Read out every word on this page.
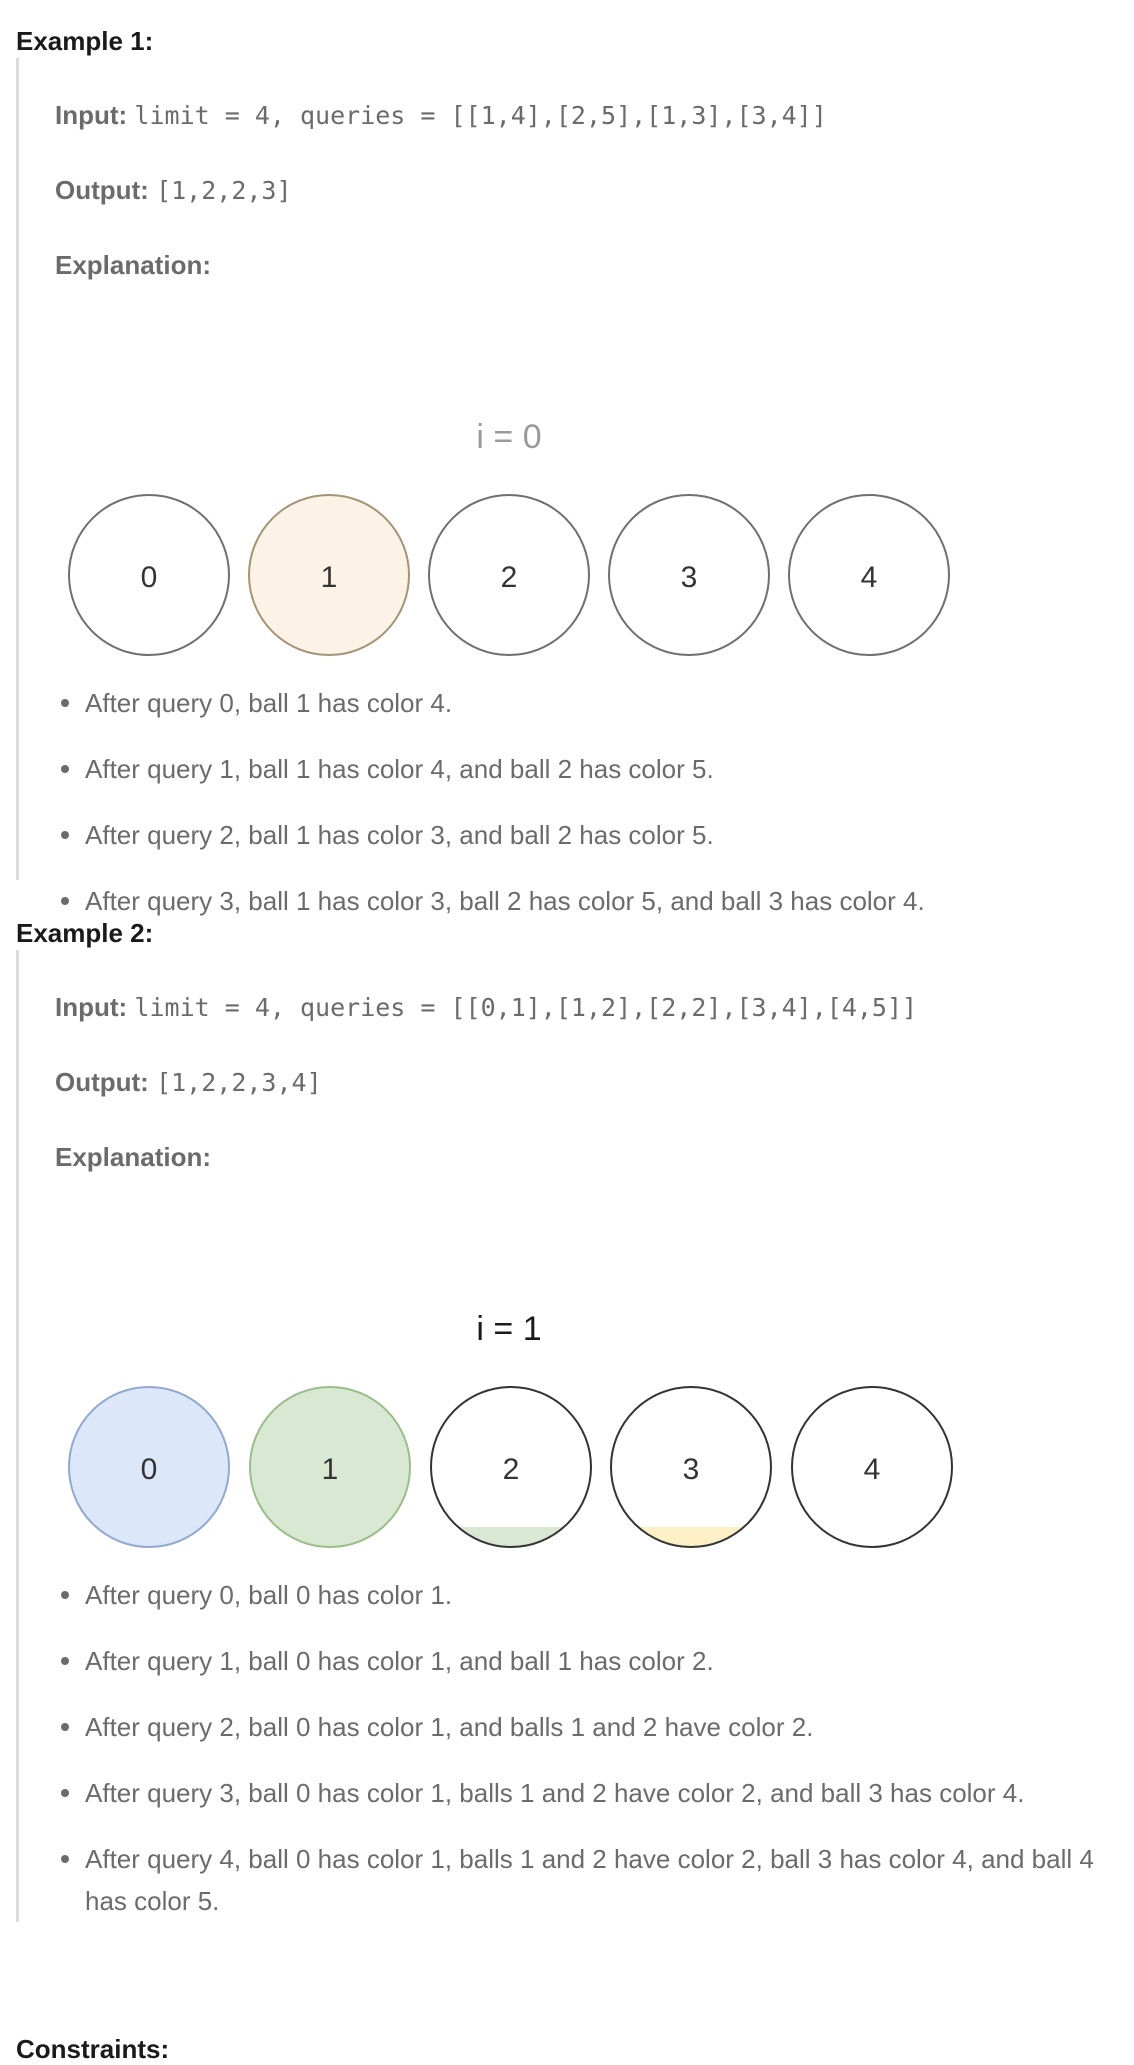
Example 1:
Input: limit = 4, queries = [[1,4],[2,5],[1,3],[3,4]]
Output: [1,2,2,3]
Explanation:
i = 0
0	1	2	3	4
After query 0, ball 1 has color 4.
After query 1, ball 1 has color 4, and ball 2 has color 5.
After query 2, ball 1 has color 3, and ball 2 has color 5.
After query 3, ball 1 has color 3, ball 2 has color 5, and ball 3 has color 4.
Example 2:
Input: limit = 4, queries = [[0,1],[1,2],[2,2],[3,4],[4,5]]
Output: [1,2,2,3,4]
Explanation:
i = 1
0	1	2	3	4
After query 0, ball 0 has color 1.
After query 1, ball 0 has color 1, and ball 1 has color 2.
After query 2, ball 0 has color 1, and balls 1 and 2 have color 2.
After query 3, ball 0 has color 1, balls 1 and 2 have color 2, and ball 3 has color 4.
After query 4, ball 0 has color 1, balls 1 and 2 have color 2, ball 3 has color 4, and ball 4 has color 5.
Constraints:
